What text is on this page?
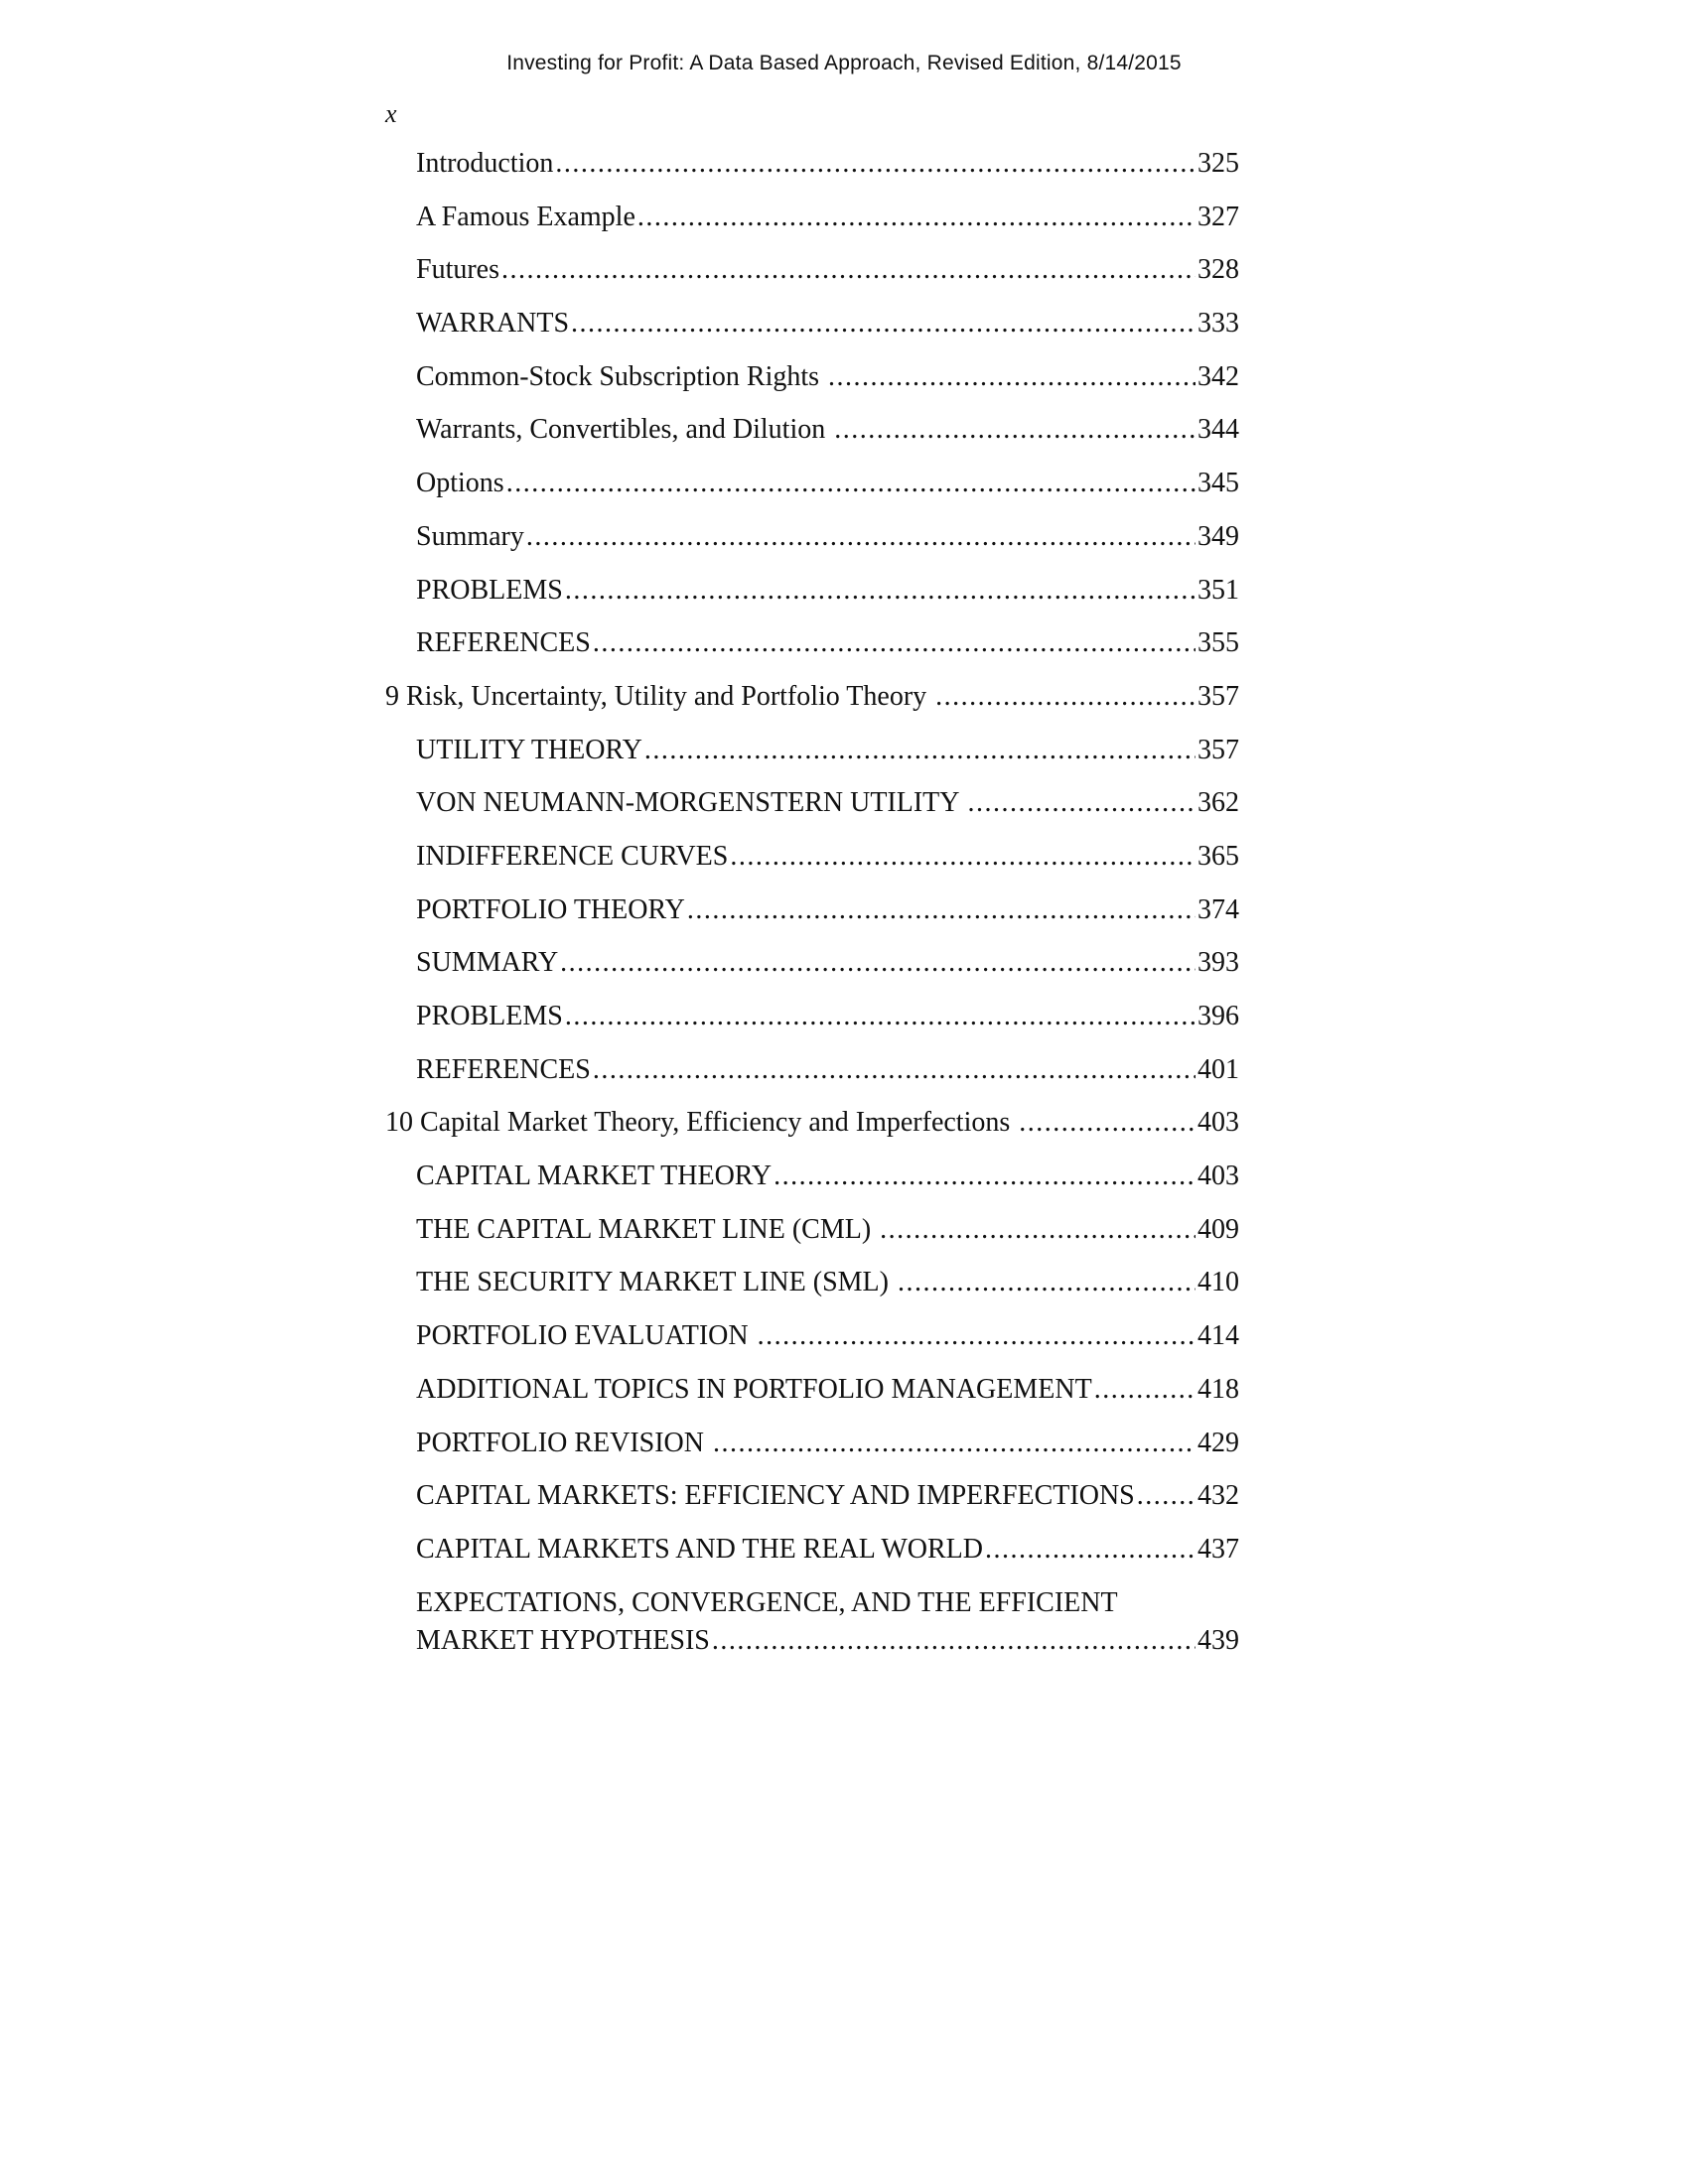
Investing for Profit: A Data Based Approach, Revised Edition, 8/14/2015
x
Introduction .....	325
A Famous Example .....	327
Futures .....	328
WARRANTS .....	333
Common-Stock Subscription Rights .....	342
Warrants, Convertibles, and Dilution .....	344
Options .....	345
Summary .....	349
PROBLEMS .....	351
REFERENCES .....	355
9 Risk, Uncertainty, Utility and Portfolio Theory .....	357
UTILITY THEORY .....	357
VON NEUMANN-MORGENSTERN UTILITY .....	362
INDIFFERENCE CURVES .....	365
PORTFOLIO THEORY .....	374
SUMMARY .....	393
PROBLEMS .....	396
REFERENCES .....	401
10 Capital Market Theory, Efficiency and Imperfections .....	403
CAPITAL MARKET THEORY .....	403
THE CAPITAL MARKET LINE (CML) .....	409
THE SECURITY MARKET LINE (SML) .....	410
PORTFOLIO EVALUATION .....	414
ADDITIONAL TOPICS IN PORTFOLIO MANAGEMENT .....	418
PORTFOLIO REVISION .....	429
CAPITAL MARKETS: EFFICIENCY AND IMPERFECTIONS ..... 432
CAPITAL MARKETS AND THE REAL WORLD .....	437
EXPECTATIONS, CONVERGENCE, AND THE EFFICIENT
MARKET HYPOTHESIS .....	439
